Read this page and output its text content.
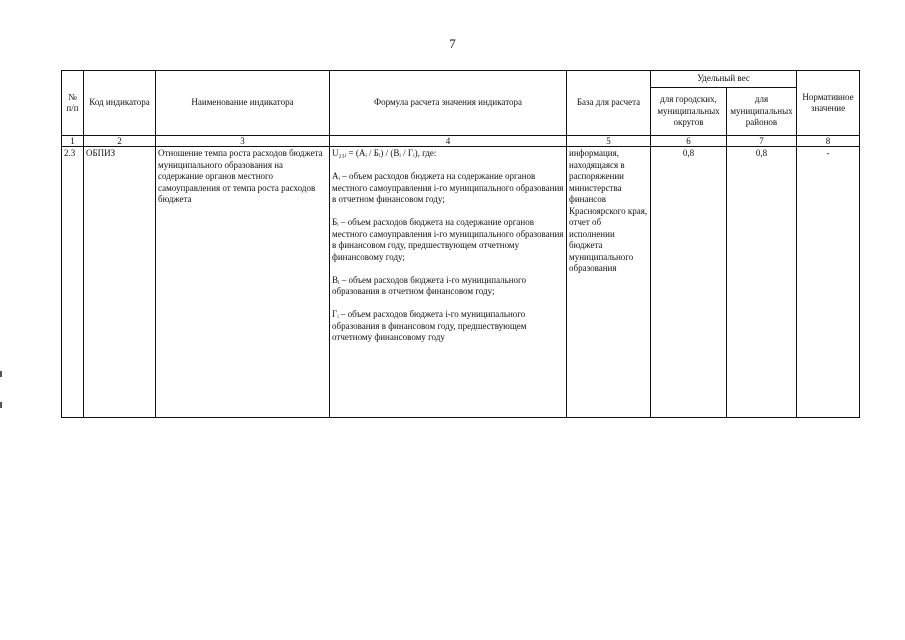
7
№ п/п	Код индикатора	Наименование индикатора	Формула расчета значения индикатора	База для расчета	Удельный вес		Нормативное значение
					для городских, муниципальных округов	для муниципальных районов	
1	2	3	4	5	6	7	8
2.3	ОБПИЗ	Отношение темпа роста расходов бюджета муниципального образования на содержание органов местного самоуправления от темпа роста расходов бюджета	U₂₃ᵢ = (Аᵢ / Бᵢ) / (Вᵢ / Гᵢ), где:
Аᵢ – объем расходов бюджета на содержание органов местного самоуправления i-го муниципального образования в отчетном финансовом году;
Бᵢ – объем расходов бюджета на содержание органов местного самоуправления i-го муниципального образования в финансовом году, предшествующем отчетному финансовому году;
Вᵢ – объем расходов бюджета i-го муниципального образования в отчетном финансовом году;
Гᵢ – объем расходов бюджета i-го муниципального образования в финансовом году, предшествующем отчетному финансовому году	информация, находящаяся в распоряжении министерства финансов Красноярского края, отчет об исполнении бюджета муниципального образования	0,8	0,8	-
